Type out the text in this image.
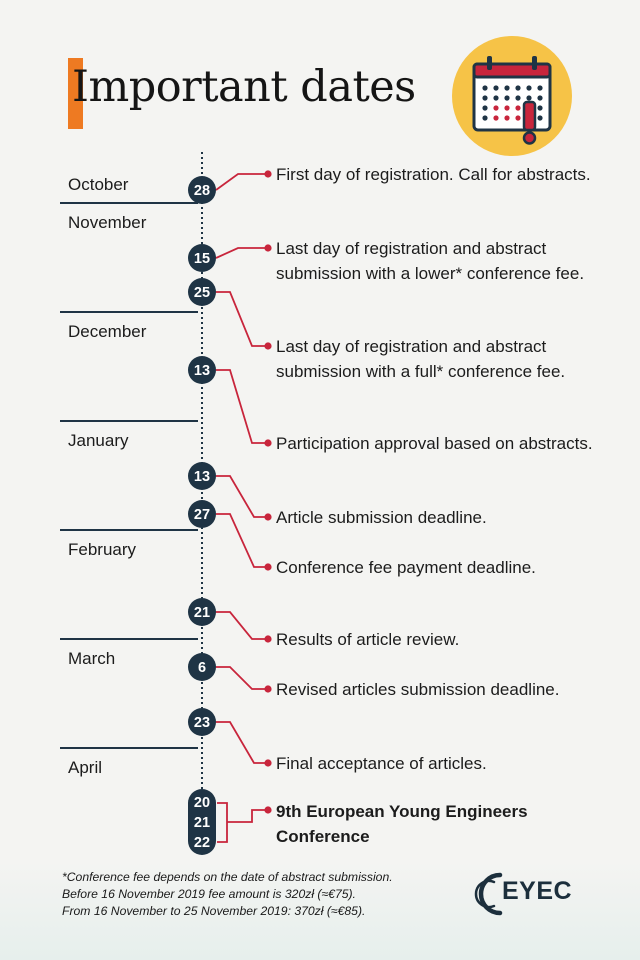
Important dates
28
15
25
13
13
27
21
6
23
20
21
22
October
November
December
January
February
March
April
First day of registration. Call for abstracts.
Last day of registration and abstract submission with a lower* conference fee.
Last day of registration and abstract submission with a full* conference fee.
Participation approval based on abstracts.
Article submission deadline.
Conference fee payment deadline.
Results of article review.
Revised articles submission deadline.
Final acceptance of articles.
9th European Young Engineers Conference
*Conference fee depends on the date of abstract submission.
Before 16 November 2019 fee amount is 320zł (≈€75).
From 16 November to 25 November 2019: 370zł (≈€85).
EYEC
